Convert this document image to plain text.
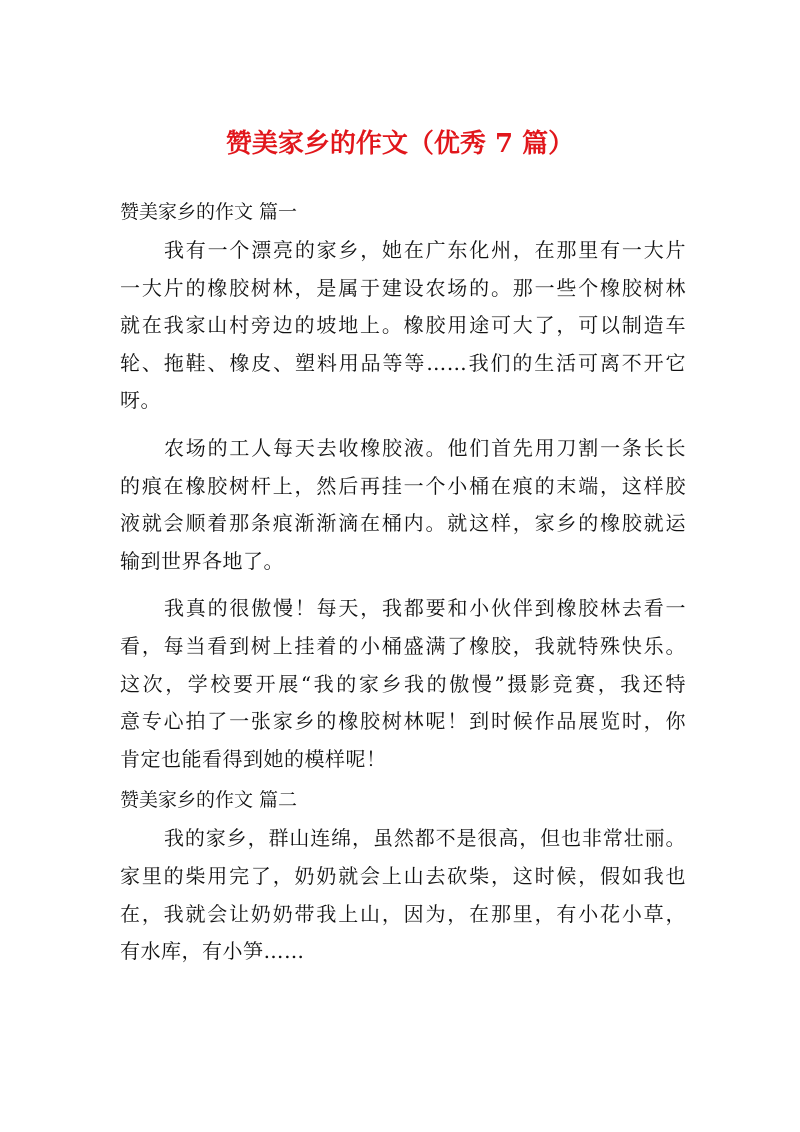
赞美家乡的作文（优秀 7 篇）
赞美家乡的作文 篇一
我有一个漂亮的家乡，她在广东化州，在那里有一大片
一大片的橡胶树林，是属于建设农场的。那一些个橡胶树林
就在我家山村旁边的坡地上。橡胶用途可大了，可以制造车
轮、拖鞋、橡皮、塑料用品等等……我们的生活可离不开它
呀。
农场的工人每天去收橡胶液。他们首先用刀割一条长长
的痕在橡胶树杆上，然后再挂一个小桶在痕的末端，这样胶
液就会顺着那条痕渐渐滴在桶内。就这样，家乡的橡胶就运
输到世界各地了。
我真的很傲慢！每天，我都要和小伙伴到橡胶林去看一
看，每当看到树上挂着的小桶盛满了橡胶，我就特殊快乐。
这次，学校要开展“我的家乡我的傲慢”摄影竞赛，我还特
意专心拍了一张家乡的橡胶树林呢！到时候作品展览时，你
肯定也能看得到她的模样呢！
赞美家乡的作文 篇二
我的家乡，群山连绵，虽然都不是很高，但也非常壮丽。
家里的柴用完了，奶奶就会上山去砍柴，这时候，假如我也
在，我就会让奶奶带我上山，因为，在那里，有小花小草，
有水库，有小笋……
